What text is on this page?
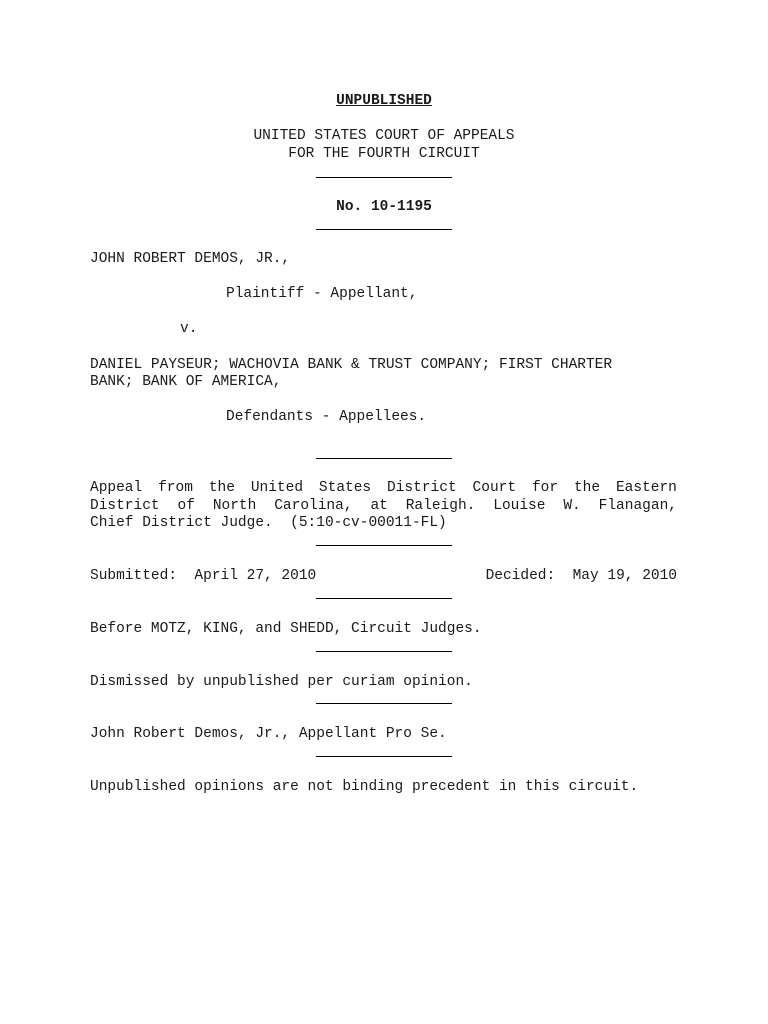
UNPUBLISHED
UNITED STATES COURT OF APPEALS
FOR THE FOURTH CIRCUIT
No. 10-1195
JOHN ROBERT DEMOS, JR.,
Plaintiff - Appellant,
v.
DANIEL PAYSEUR; WACHOVIA BANK & TRUST COMPANY; FIRST CHARTER
BANK; BANK OF AMERICA,
Defendants - Appellees.
Appeal from the United States District Court for the Eastern
District of North Carolina, at Raleigh. Louise W. Flanagan,
Chief District Judge.  (5:10-cv-00011-FL)
Submitted:  April 27, 2010	Decided:  May 19, 2010
Before MOTZ, KING, and SHEDD, Circuit Judges.
Dismissed by unpublished per curiam opinion.
John Robert Demos, Jr., Appellant Pro Se.
Unpublished opinions are not binding precedent in this circuit.
